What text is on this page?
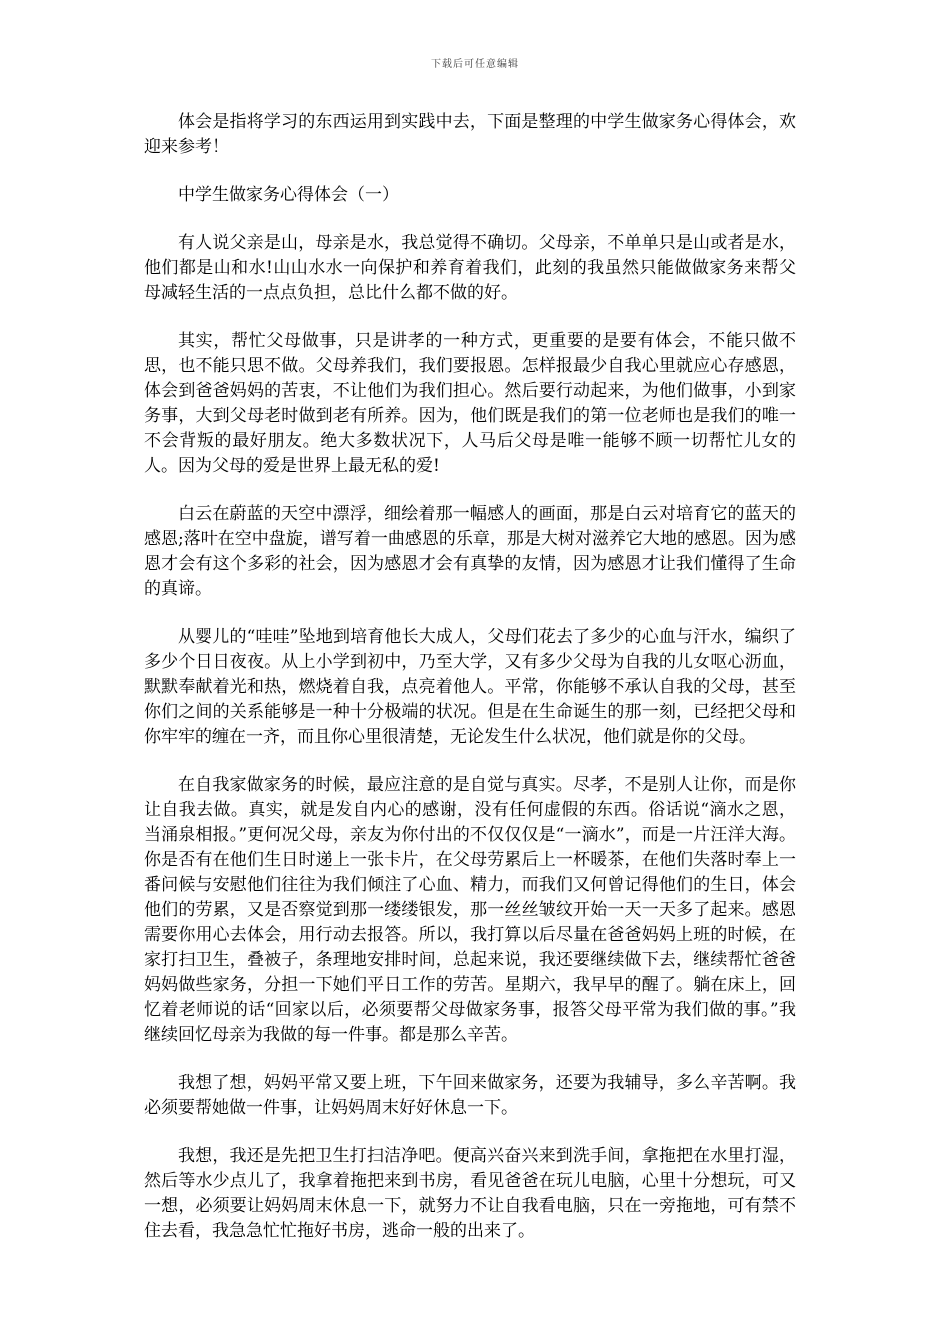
下载后可任意编辑

体会是指将学习的东西运用到实践中去，下面是整理的中学生做家务心得体会，欢迎来参考！

中学生做家务心得体会（一）

有人说父亲是山，母亲是水，我总觉得不确切。父母亲，不单单只是山或者是水，他们都是山和水!山山水水一向保护和养育着我们，此刻的我虽然只能做做家务来帮父母减轻生活的一点点负担，总比什么都不做的好。

其实，帮忙父母做事，只是讲孝的一种方式，更重要的是要有体会，不能只做不思，也不能只思不做。父母养我们，我们要报恩。怎样报最少自我心里就应心存感恩，体会到爸爸妈妈的苦衷，不让他们为我们担心。然后要行动起来，为他们做事，小到家务事，大到父母老时做到老有所养。因为，他们既是我们的第一位老师也是我们的唯一不会背叛的最好朋友。绝大多数状况下，人马后父母是唯一能够不顾一切帮忙儿女的人。因为父母的爱是世界上最无私的爱!

白云在蔚蓝的天空中漂浮，细绘着那一幅感人的画面，那是白云对培育它的蓝天的感恩;落叶在空中盘旋，谱写着一曲感恩的乐章，那是大树对滋养它大地的感恩。因为感恩才会有这个多彩的社会，因为感恩才会有真挚的友情，因为感恩才让我们懂得了生命的真谛。

从婴儿的“哇哇”坠地到培育他长大成人，父母们花去了多少的心血与汗水，编织了多少个日日夜夜。从上小学到初中，乃至大学，又有多少父母为自我的儿女呕心沥血，默默奉献着光和热，燃烧着自我，点亮着他人。平常，你能够不承认自我的父母，甚至你们之间的关系能够是一种十分极端的状况。但是在生命诞生的那一刻，已经把父母和你牢牢的缠在一齐，而且你心里很清楚，无论发生什么状况，他们就是你的父母。

在自我家做家务的时候，最应注意的是自觉与真实。尽孝，不是别人让你，而是你让自我去做。真实，就是发自内心的感谢，没有任何虚假的东西。俗话说“滴水之恩，当涌泉相报。”更何况父母，亲友为你付出的不仅仅仅是“一滴水”，而是一片汪洋大海。你是否有在他们生日时递上一张卡片，在父母劳累后上一杯暖茶，在他们失落时奉上一番问候与安慰他们往往为我们倾注了心血、精力，而我们又何曾记得他们的生日，体会他们的劳累，又是否察觉到那一缕缕银发，那一丝丝皱纹开始一天一天多了起来。感恩需要你用心去体会，用行动去报答。所以，我打算以后尽量在爸爸妈妈上班的时候，在家打扫卫生，叠被子，条理地安排时间，总起来说，我还要继续做下去，继续帮忙爸爸妈妈做些家务，分担一下她们平日工作的劳苦。星期六，我早早的醒了。躺在床上，回忆着老师说的话“回家以后，必须要帮父母做家务事，报答父母平常为我们做的事。”我继续回忆母亲为我做的每一件事。都是那么辛苦。

我想了想，妈妈平常又要上班，下午回来做家务，还要为我辅导，多么辛苦啊。我必须要帮她做一件事，让妈妈周末好好休息一下。

我想，我还是先把卫生打扫洁净吧。便高兴奋兴来到洗手间，拿拖把在水里打湿，然后等水少点儿了，我拿着拖把来到书房，看见爸爸在玩儿电脑，心里十分想玩，可又一想，必须要让妈妈周末休息一下，就努力不让自我看电脑，只在一旁拖地，可有禁不住去看，我急急忙忙拖好书房，逃命一般的出来了。
